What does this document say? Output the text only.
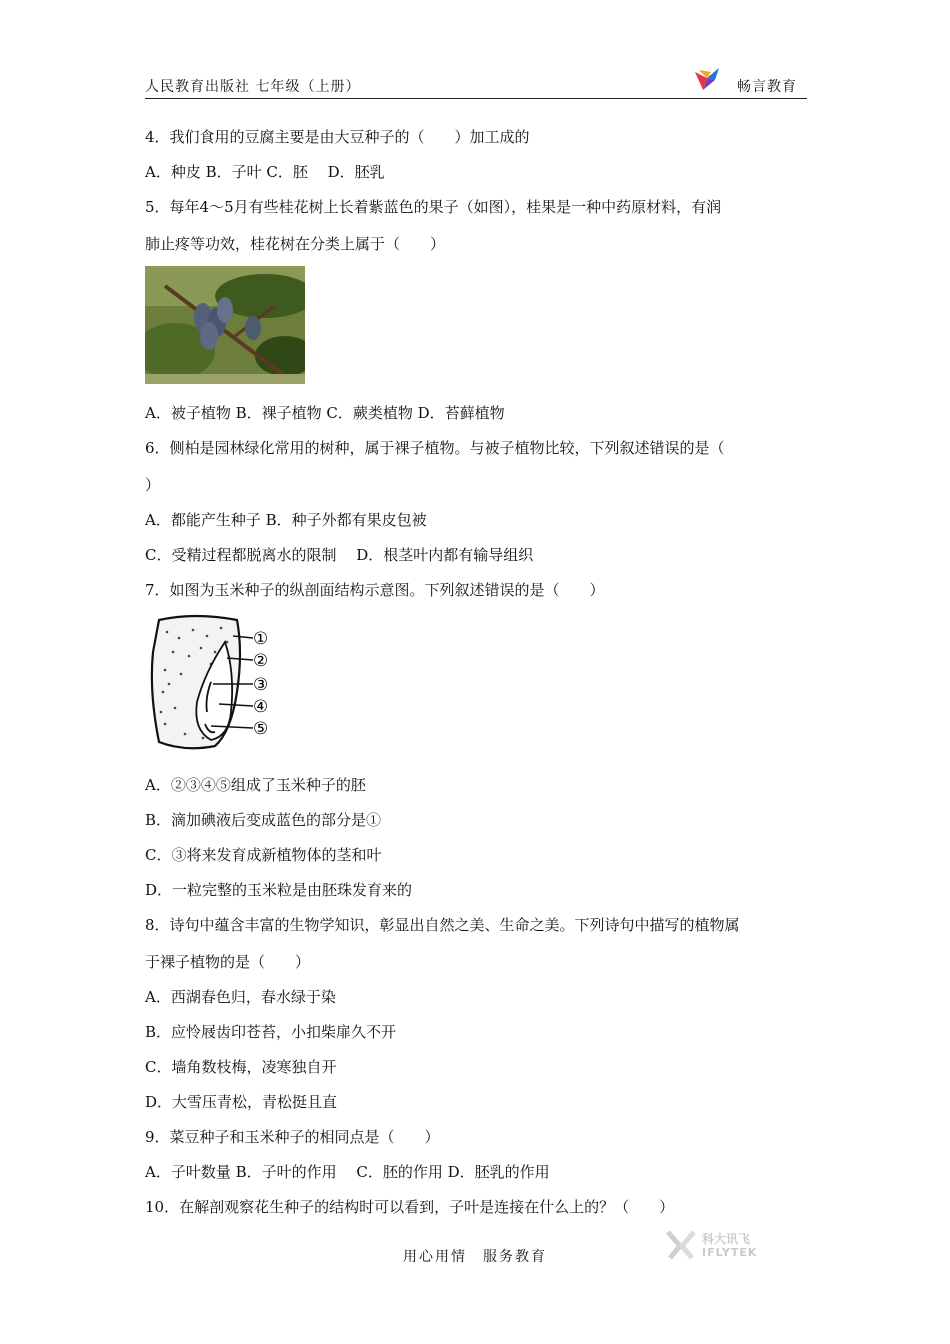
人民教育出版社 七年级（上册）	畅言教育
4．我们食用的豆腐主要是由大豆种子的（　　）加工成的
A．种皮 B．子叶 C．胚　 D．胚乳
5．每年4～5月有些桂花树上长着紫蓝色的果子（如图），桂果是一种中药原材料，有润
肺止疼等功效，桂花树在分类上属于（　　）
A．被子植物 B．裸子植物 C．蕨类植物 D．苔藓植物
6．侧柏是园林绿化常用的树种，属于裸子植物。与被子植物比较，下列叙述错误的是（
）
A．都能产生种子 B．种子外都有果皮包被
C．受精过程都脱离水的限制　 D．根茎叶内都有输导组织
7．如图为玉米种子的纵剖面结构示意图。下列叙述错误的是（　　）
①
②
③
④
⑤
A．②③④⑤组成了玉米种子的胚
B．滴加碘液后变成蓝色的部分是①
C．③将来发育成新植物体的茎和叶
D．一粒完整的玉米粒是由胚珠发育来的
8．诗句中蕴含丰富的生物学知识，彰显出自然之美、生命之美。下列诗句中描写的植物属
于裸子植物的是（　　）
A．西湖春色归，春水绿于染
B．应怜屐齿印苍苔，小扣柴扉久不开
C．墙角数枝梅，凌寒独自开
D．大雪压青松，青松挺且直
9．菜豆种子和玉米种子的相同点是（　　）
A．子叶数量 B．子叶的作用　 C．胚的作用 D．胚乳的作用
10．在解剖观察花生种子的结构时可以看到，子叶是连接在什么上的？（　　）
科大讯飞
IFLYTEK
用心用情　服务教育
